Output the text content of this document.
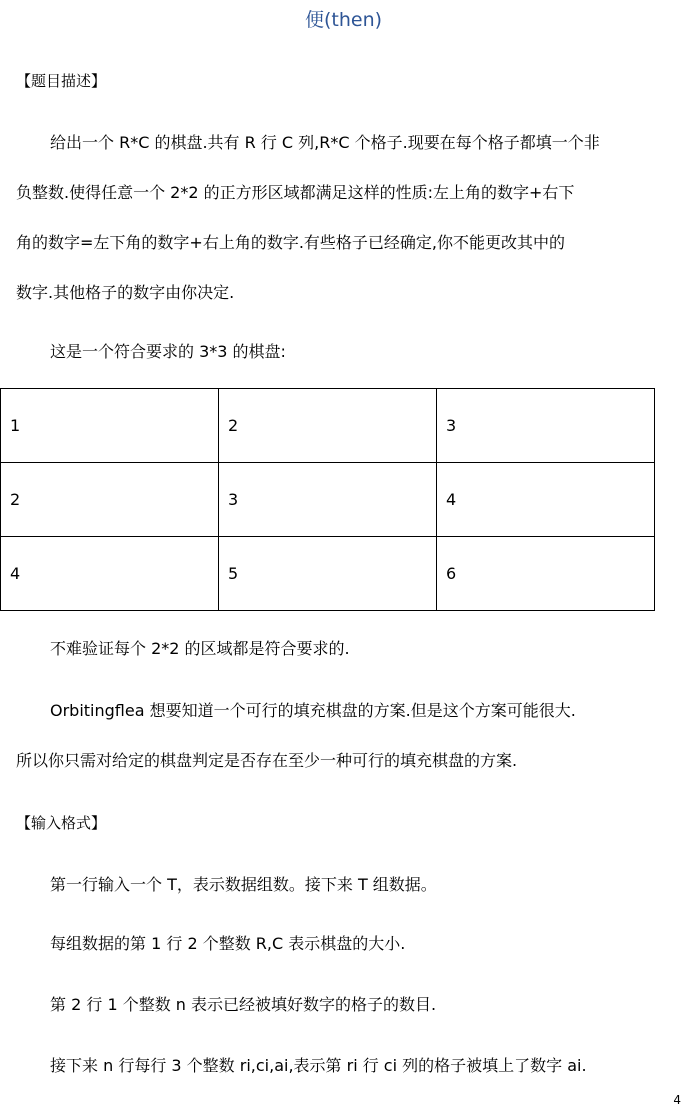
便(then)
【题目描述】
给出一个 R*C 的棋盘.共有 R 行 C 列,R*C 个格子.现要在每个格子都填一个非
负整数.使得任意一个 2*2 的正方形区域都满足这样的性质:左上角的数字+右下
角的数字=左下角的数字+右上角的数字.有些格子已经确定,你不能更改其中的
数字.其他格子的数字由你决定.
这是一个符合要求的 3*3 的棋盘:
1	2	3
2	3	4
4	5	6
不难验证每个 2*2 的区域都是符合要求的.
Orbitingflea 想要知道一个可行的填充棋盘的方案.但是这个方案可能很大.
所以你只需对给定的棋盘判定是否存在至少一种可行的填充棋盘的方案.
【输入格式】
第一行输入一个 T，表示数据组数。接下来 T 组数据。
每组数据的第 1 行 2 个整数 R,C 表示棋盘的大小.
第 2 行 1 个整数 n 表示已经被填好数字的格子的数目.
接下来 n 行每行 3 个整数 ri,ci,ai,表示第 ri 行 ci 列的格子被填上了数字 ai.
4
